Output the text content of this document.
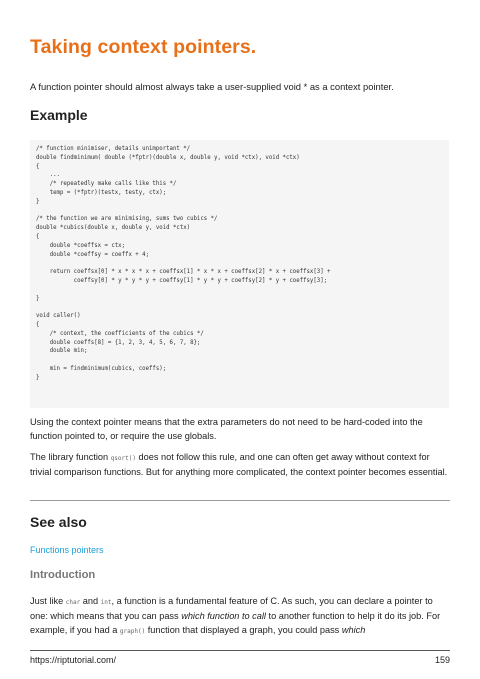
Taking context pointers.

A function pointer should almost always take a user-supplied void * as a context pointer.

Example
/* function minimiser, details unimportant */
double findminimum( double (*fptr)(double x, double y, void *ctx), void *ctx)
{
...
/* repeatedly make calls like this */
temp = (*fptr)(testx, testy, ctx);
}

/* the function we are minimising, sums two cubics */
double *cubics(double x, double y, void *ctx)
{
double *coeffsx = ctx;
double *coeffsy = coeffx + 4;

return coeffsx[0] * x * x * x + coeffsx[1] * x * x + coeffsx[2] * x + coeffsx[3] +
coeffsy[0] * y * y * y + coeffsy[1] * y * y + coeffsy[2] * y + coeffsy[3];

}

void caller()
{
/* context, the coefficients of the cubics */
double coeffs[8] = {1, 2, 3, 4, 5, 6, 7, 8};
double min;

min = findminimum(cubics, coeffs);
}

Using the context pointer means that the extra parameters do not need to be hard-coded into the function pointed to, or require the use globals.

The library function qsort() does not follow this rule, and one can often get away without context for trivial comparison functions. But for anything more complicated, the context pointer becomes essential.

See also
Functions pointers
Introduction

Just like char and int, a function is a fundamental feature of C. As such, you can declare a pointer to one: which means that you can pass which function to call to another function to help it do its job. For example, if you had a graph() function that displayed a graph, you could pass which

https://riptutorial.com/	159
